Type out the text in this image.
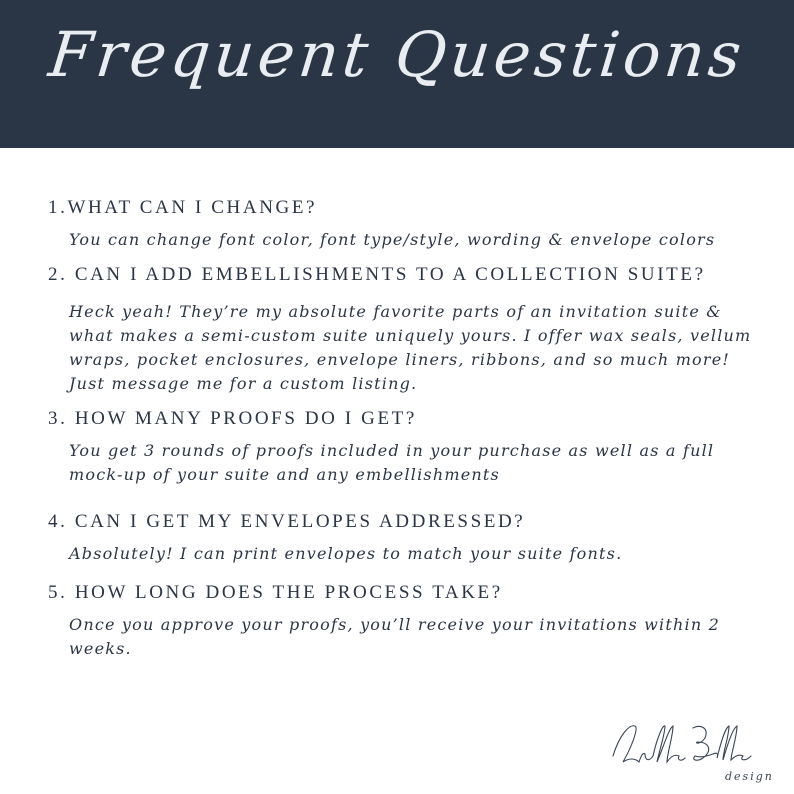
Frequent Questions
1.WHAT CAN I CHANGE?
You can change font color, font type/style, wording & envelope colors
2. CAN I ADD EMBELLISHMENTS TO A COLLECTION SUITE?
Heck yeah! They’re my absolute favorite parts of an invitation suite & what makes a semi-custom suite uniquely yours. I offer wax seals, vellum wraps, pocket enclosures, envelope liners, ribbons, and so much more! Just message me for a custom listing.
3. HOW MANY PROOFS DO I GET?
You get 3 rounds of proofs included in your purchase as well as a full mock-up of your suite and any embellishments
4. CAN I GET MY ENVELOPES ADDRESSED?
Absolutely! I can print envelopes to match your suite fonts.
5. HOW LONG DOES THE PROCESS TAKE?
Once you approve your proofs, you’ll receive your invitations within 2 weeks.
design
